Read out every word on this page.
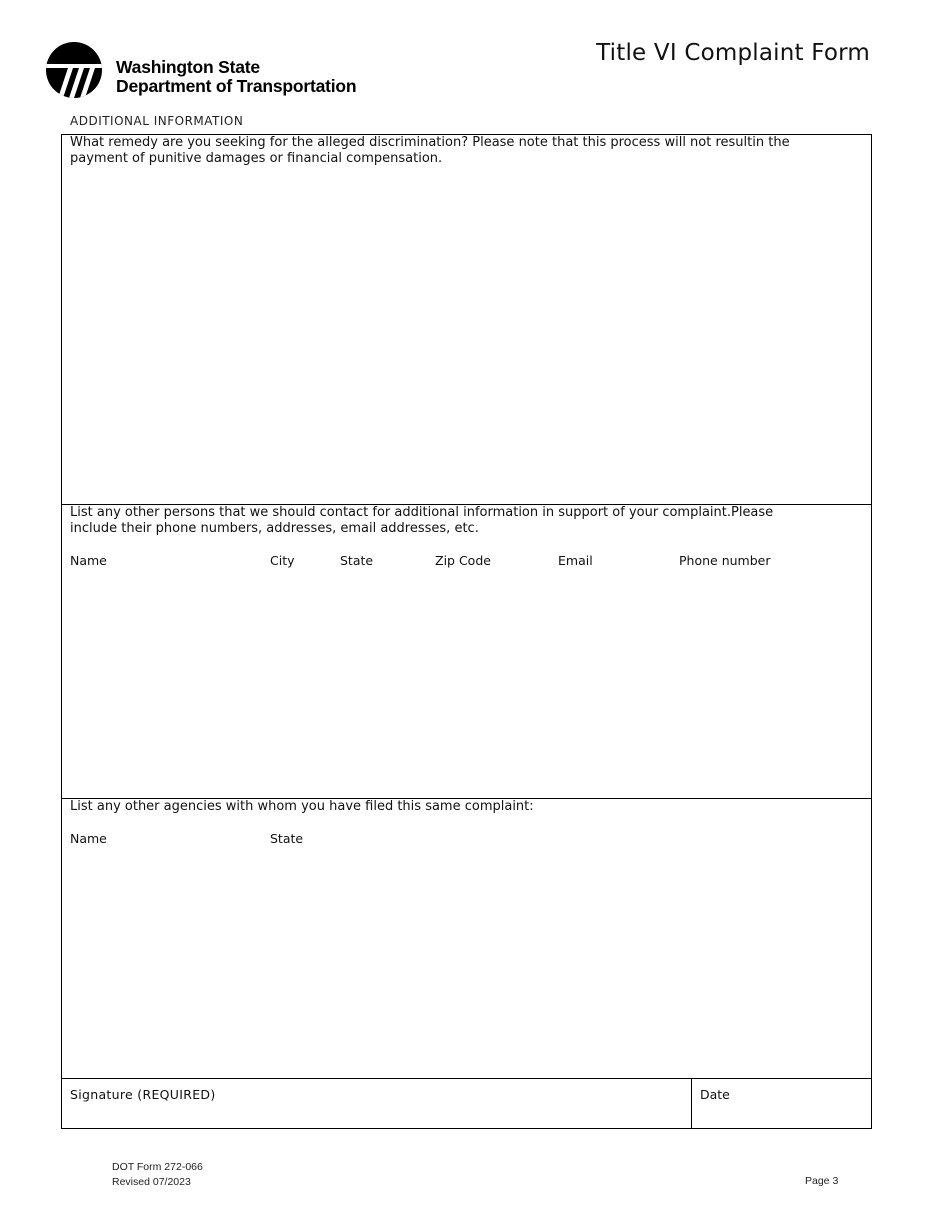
Washington State
Department of Transportation
Title VI Complaint Form
ADDITIONAL INFORMATION
What remedy are you seeking for the alleged discrimination? Please note that this process will not resultin the payment of punitive damages or financial compensation.
List any other persons that we should contact for additional information in support of your complaint.Please include their phone numbers, addresses, email addresses, etc.
Name	City	State	Zip Code	Email	Phone number
List any other agencies with whom you have filed this same complaint:
Name	State
Signature (REQUIRED)	Date
DOT Form 272-066
Revised 07/2023	Page 3
